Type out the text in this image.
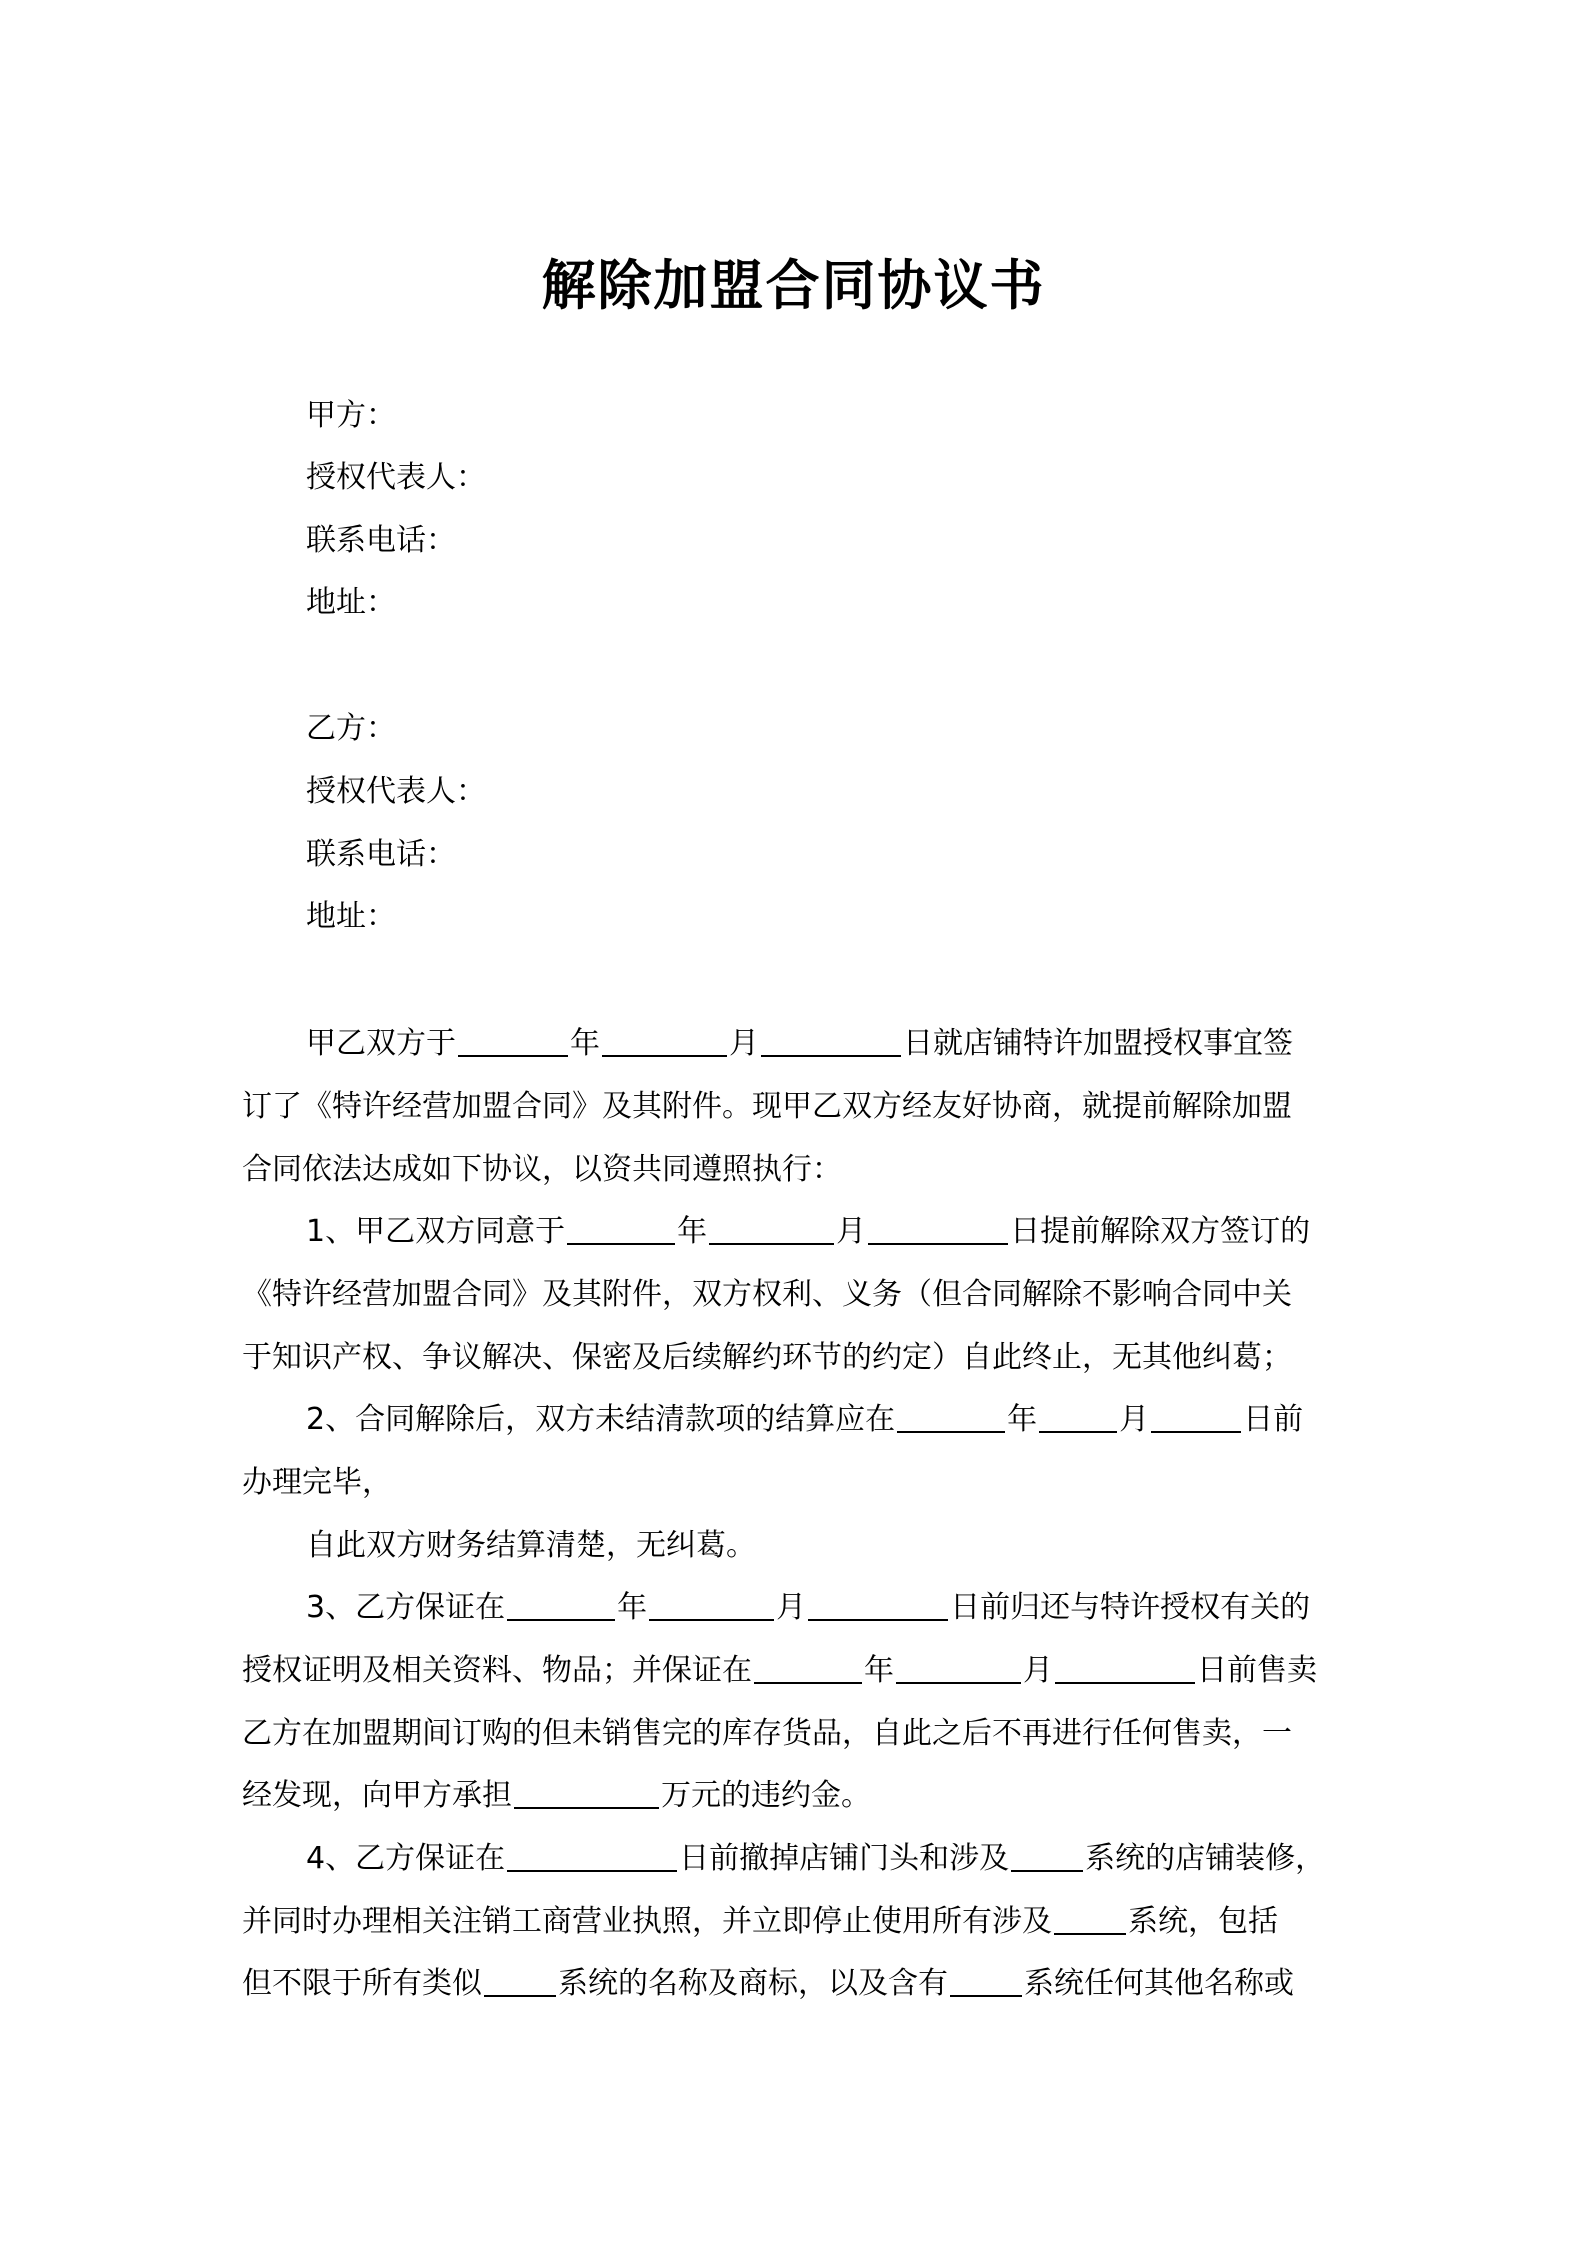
解除加盟合同协议书
甲方：
授权代表人：
联系电话：
地址：
乙方：
授权代表人：
联系电话：
地址：
甲乙双方于	年	月	日就店铺特许加盟授权事宜签
订了《特许经营加盟合同》及其附件。现甲乙双方经友好协商，就提前解除加盟
合同依法达成如下协议，以资共同遵照执行：
1、甲乙双方同意于	年	月	日提前解除双方签订的
《特许经营加盟合同》及其附件，双方权利、义务（但合同解除不影响合同中关
于知识产权、争议解决、保密及后续解约环节的约定）自此终止，无其他纠葛；
2、合同解除后，双方未结清款项的结算应在	年	月	日前
办理完毕，
自此双方财务结算清楚，无纠葛。
3、乙方保证在	年	月	日前归还与特许授权有关的
授权证明及相关资料、物品；并保证在	年	月	日前售卖
乙方在加盟期间订购的但未销售完的库存货品，自此之后不再进行任何售卖，一
经发现，向甲方承担	万元的违约金。
4、乙方保证在	日前撤掉店铺门头和涉及	系统的店铺装修，
并同时办理相关注销工商营业执照，并立即停止使用所有涉及	系统，包括
但不限于所有类似	系统的名称及商标，以及含有	系统任何其他名称或
